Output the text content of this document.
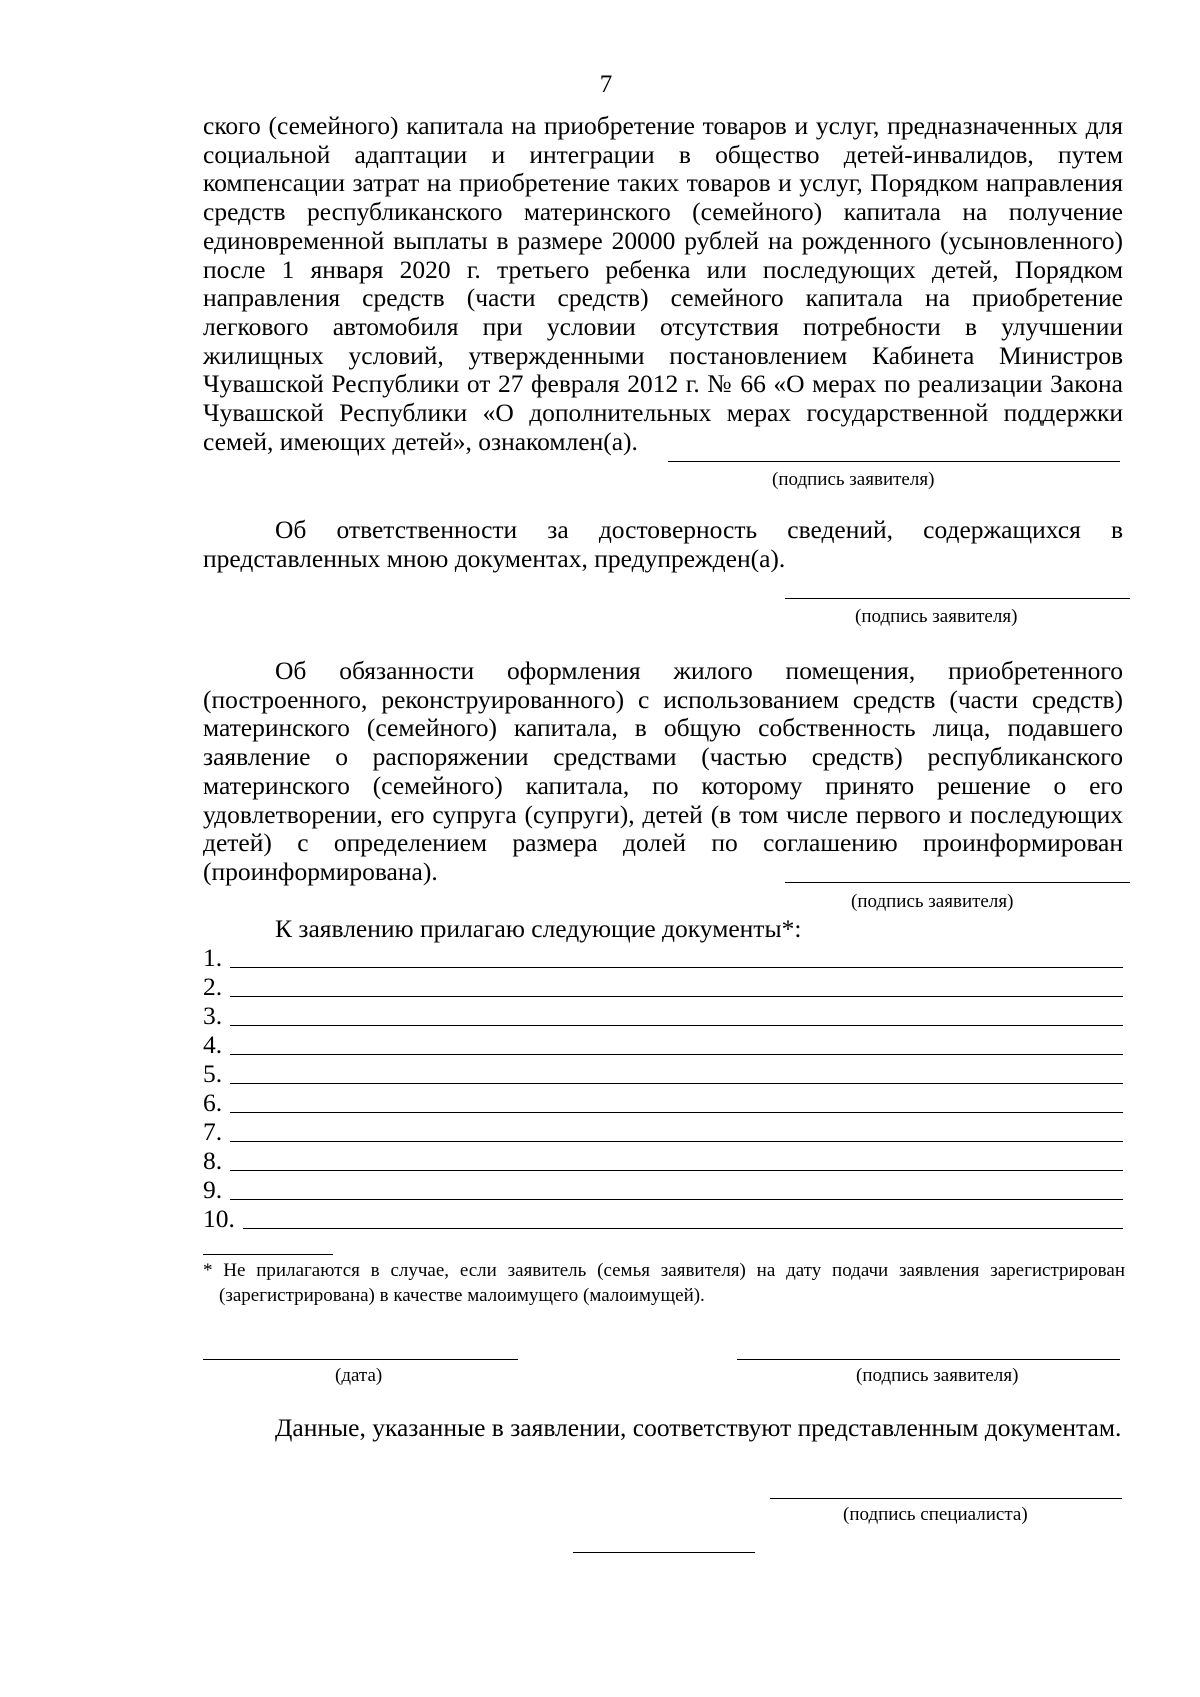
7
ского (семейного) капитала на приобретение товаров и услуг, предназначенных для социальной адаптации и интеграции в общество детей-инвалидов, путем компенсации затрат на приобретение таких товаров и услуг, Порядком направления средств республиканского материнского (семейного) капитала на получение единовременной выплаты в размере 20000 рублей на рожденного (усыновленного) после 1 января 2020 г. третьего ребенка или последующих детей, Порядком направления средств (части средств) семейного капитала на приобретение легкового автомобиля при условии отсутствия потребности в улучшении жилищных условий, утвержденными постановлением Кабинета Министров Чувашской Республики от 27 февраля 2012 г. № 66 «О мерах по реализации Закона Чувашской Республики «О дополнительных мерах государственной поддержки семей, имеющих детей», ознакомлен(а).
(подпись заявителя)
Об ответственности за достоверность сведений, содержащихся в представленных мною документах, предупрежден(а).
(подпись заявителя)
Об обязанности оформления жилого помещения, приобретенного (построенного, реконструированного) с использованием средств (части средств) материнского (семейного) капитала, в общую собственность лица, подавшего заявление о распоряжении средствами (частью средств) республиканского материнского (семейного) капитала, по которому принято решение о его удовлетворении, его супруга (супруги), детей (в том числе первого и последующих детей) с определением размера долей по соглашению проинформирован (проинформирована).
(подпись заявителя)
К заявлению прилагаю следующие документы*:
1.
2.
3.
4.
5.
6.
7.
8.
9.
10.
* Не прилагаются в случае, если заявитель (семья заявителя) на дату подачи заявления зарегистрирован (зарегистрирована) в качестве малоимущего (малоимущей).
(дата)	(подпись заявителя)
Данные, указанные в заявлении, соответствуют представленным документам.
(подпись специалиста)
